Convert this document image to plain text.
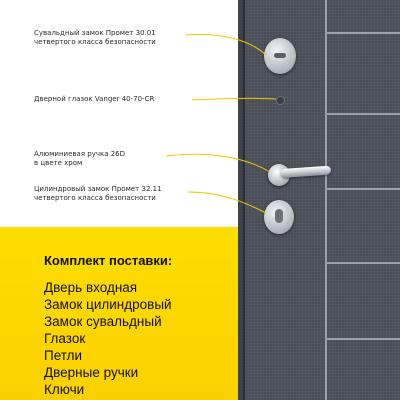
Сувальдный замок Промет 30.01
четвертого класса безопасности
Дверной глазок Vanger 40-70-CR
Алюминиевая ручка 26D
в цвете хром
Цилиндровый замок Промет 32.11
четвертого класса безопасности
Комплект поставки:
Дверь входная
Замок цилиндровый
Замок сувальдный
Глазок
Петли
Дверные ручки
Ключи
